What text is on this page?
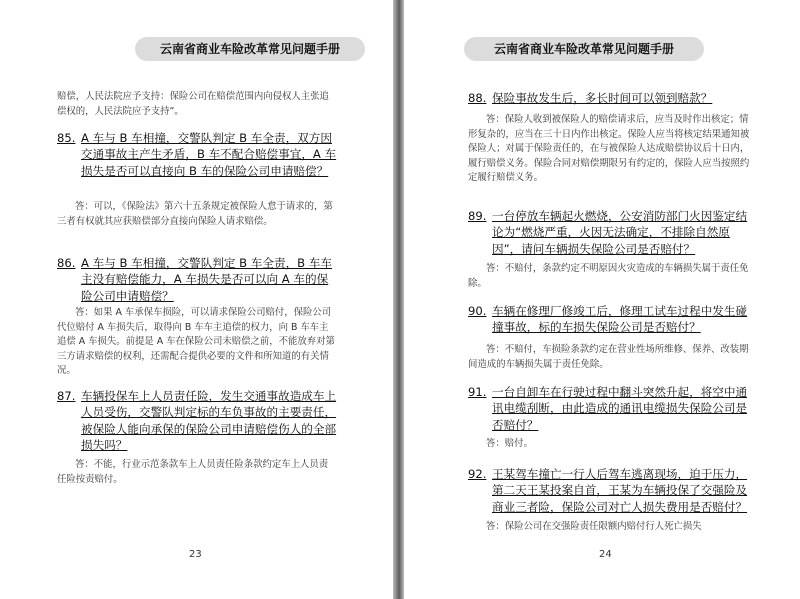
云南省商业车险改革常见问题手册
赔偿，人民法院应予支持：保险公司在赔偿范围内向侵权人主张追偿权的，人民法院应予支持”。
85. A 车与 B 车相撞，交警队判定 B 车全责，双方因交通事故主产生矛盾，B 车不配合赔偿事宜，A 车损失是否可以直接向 B 车的保险公司申请赔偿？
答：可以，《保险法》第六十五条规定被保险人怠于请求的，第三者有权就其应获赔偿部分直接向保险人请求赔偿。
86. A 车与 B 车相撞，交警队判定 B 车全责，B 车车主没有赔偿能力，A 车损失是否可以向 A 车的保险公司申请赔偿？
答：如果 A 车承保车损险，可以请求保险公司赔付，保险公司代位赔付 A 车损失后，取得向 B 车车主追偿的权力，向 B 车车主追偿 A 车损失。前提是 A 车在保险公司未赔偿之前，不能放弃对第三方请求赔偿的权利，还需配合提供必要的文件和所知道的有关情况。
87. 车辆投保车上人员责任险，发生交通事故造成车上人员受伤，交警队判定标的车负事故的主要责任，被保险人能向承保的保险公司申请赔偿伤人的全部损失吗？
答：不能，行业示范条款车上人员责任险条款约定车上人员责任险按责赔付。
23
云南省商业车险改革常见问题手册
88. 保险事故发生后，多长时间可以领到赔款？
答：保险人收到被保险人的赔偿请求后，应当及时作出核定；情形复杂的，应当在三十日内作出核定。保险人应当将核定结果通知被保险人；对属于保险责任的，在与被保险人达成赔偿协议后十日内，履行赔偿义务。保险合同对赔偿期限另有约定的，保险人应当按照约定履行赔偿义务。
89. 一台停放车辆起火燃烧，公安消防部门火因鉴定结论为“燃烧严重，火因无法确定，不排除自然原因”，请问车辆损失保险公司是否赔付？
答：不赔付，条款约定不明原因火灾造成的车辆损失属于责任免除。
90. 车辆在修理厂修竣工后，修理工试车过程中发生碰撞事故，标的车损失保险公司是否赔付？
答：不赔付，车损险条款约定在营业性场所维修、保养、改装期间造成的车辆损失属于责任免除。
91. 一台自卸车在行驶过程中翻斗突然升起，将空中通讯电缆刮断，由此造成的通讯电缆损失保险公司是否赔付？
答：赔付。
92. 王某驾车撞亡一行人后驾车逃离现场，迫于压力，第二天王某投案自首，王某为车辆投保了交强险及商业三者险，保险公司对亡人损失费用是否赔付？
答：保险公司在交强险责任限额内赔付行人死亡损失
24
